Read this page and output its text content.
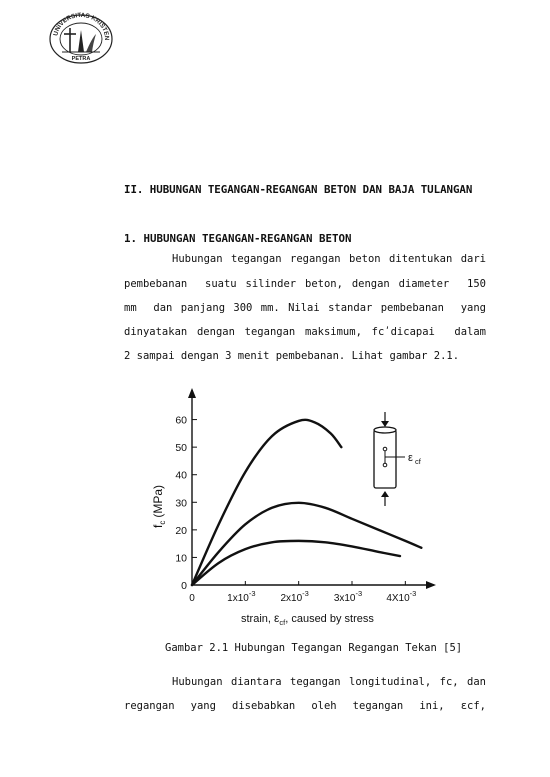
UNIVERSITAS KRISTEN
PETRA
II. HUBUNGAN TEGANGAN-REGANGAN BETON DAN BAJA TULANGAN
1. HUBUNGAN TEGANGAN-REGANGAN BETON
Hubungan tegangan regangan beton ditentukan dari
pembebanan  suatu silinder beton, dengan diameter  150
mm  dan panjang 300 mm. Nilai standar pembebanan  yang
dinyatakan dengan tegangan maksimum, fcʹdicapai  dalam
2 sampai dengan 3 menit pembebanan. Lihat gambar 2.1.
0
10
20
30
40
50
60
0	$1x10^{-3}$ $2x10^{-3}$ $3x10^{-3}$ $4X10^{-3}$
ε cf
$f_c(MPa)$
strain, $\varepsilon_{cf}$, caused by stress
Gambar 2.1 Hubungan Tegangan Regangan Tekan [5]
Hubungan diantara tegangan longitudinal, fc, dan
regangan  yang  disebabkan  oleh  tegangan  ini,  εcf,
